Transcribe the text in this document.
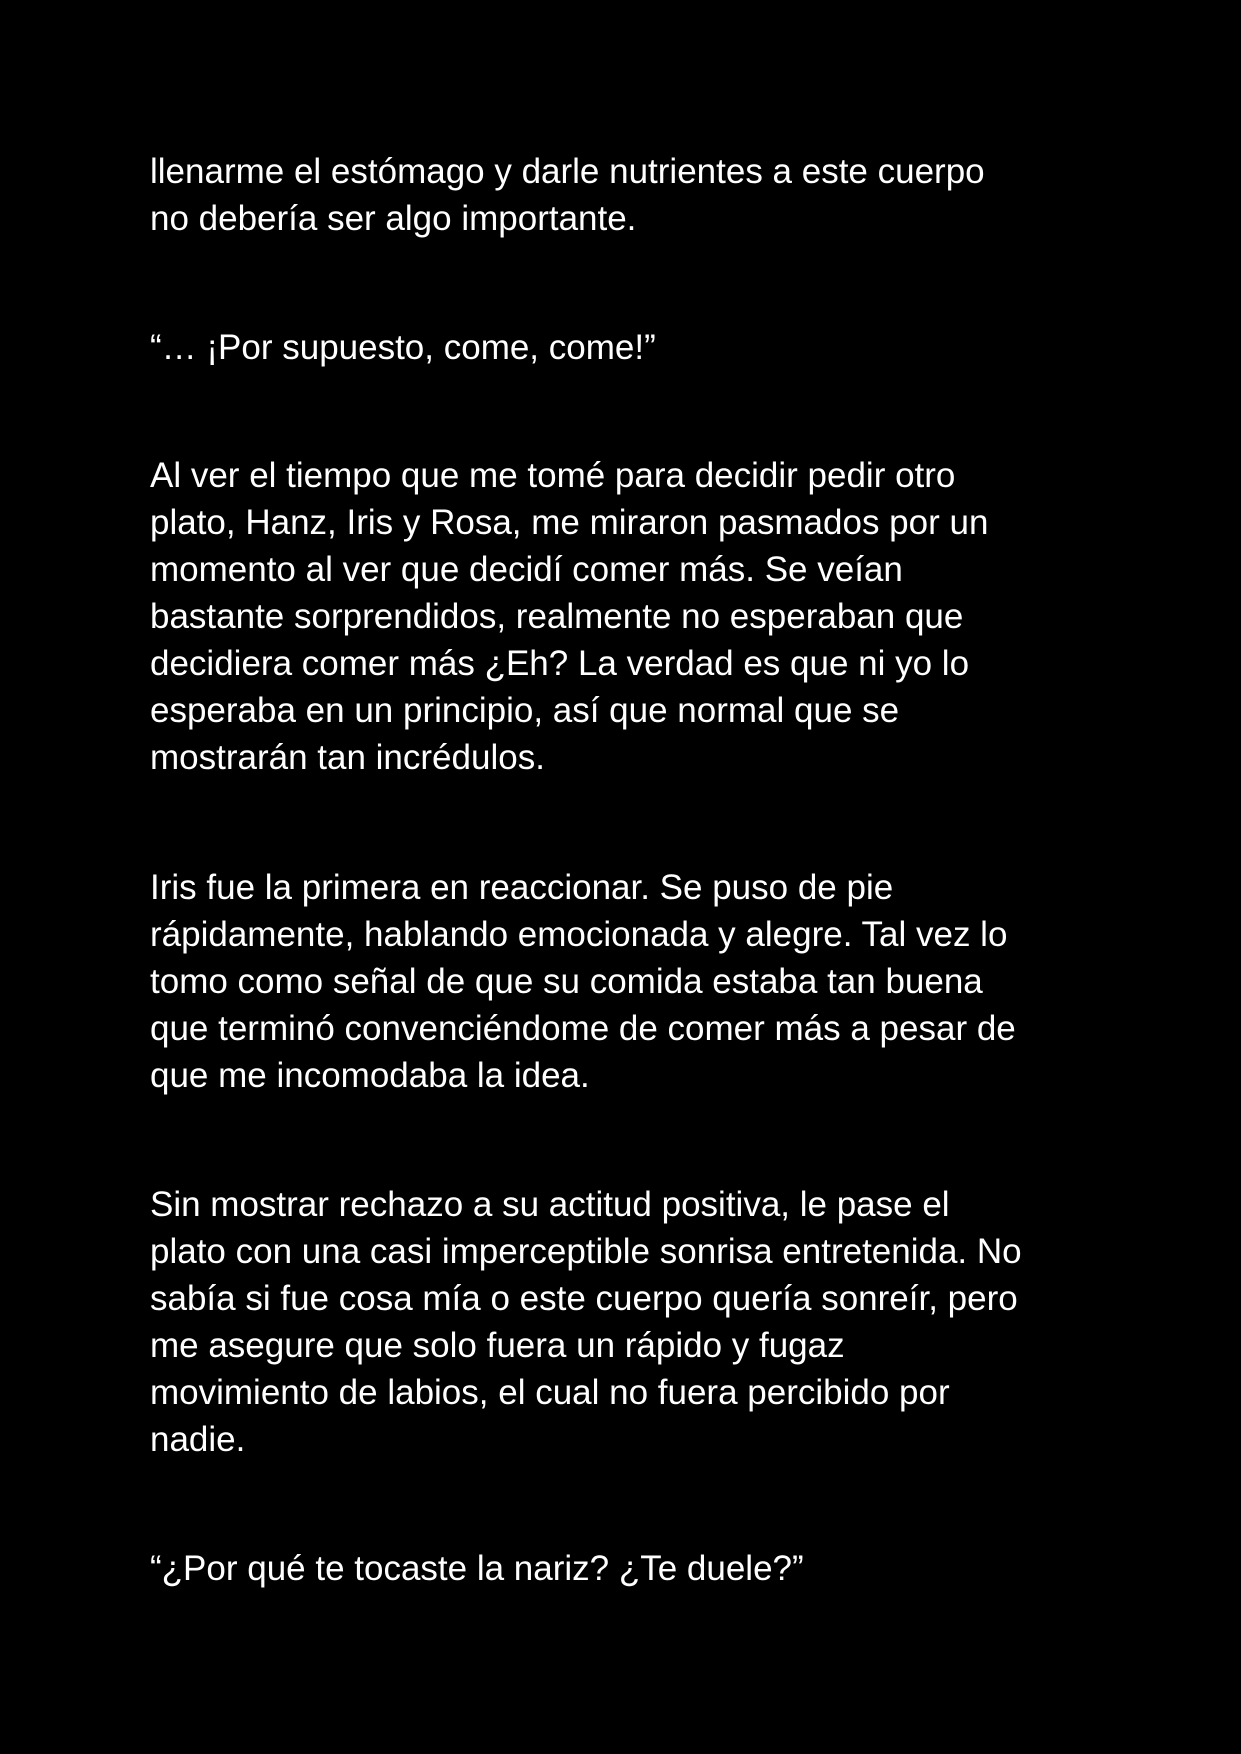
llenarme el estómago y darle nutrientes a este cuerpo
no debería ser algo importante.

“… ¡Por supuesto, come, come!”

Al ver el tiempo que me tomé para decidir pedir otro
plato, Hanz, Iris y Rosa, me miraron pasmados por un
momento al ver que decidí comer más. Se veían
bastante sorprendidos, realmente no esperaban que
decidiera comer más ¿Eh? La verdad es que ni yo lo
esperaba en un principio, así que normal que se
mostrarán tan incrédulos.

Iris fue la primera en reaccionar. Se puso de pie
rápidamente, hablando emocionada y alegre. Tal vez lo
tomo como señal de que su comida estaba tan buena
que terminó convenciéndome de comer más a pesar de
que me incomodaba la idea.

Sin mostrar rechazo a su actitud positiva, le pase el
plato con una casi imperceptible sonrisa entretenida. No
sabía si fue cosa mía o este cuerpo quería sonreír, pero
me asegure que solo fuera un rápido y fugaz
movimiento de labios, el cual no fuera percibido por
nadie.

“¿Por qué te tocaste la nariz? ¿Te duele?”
